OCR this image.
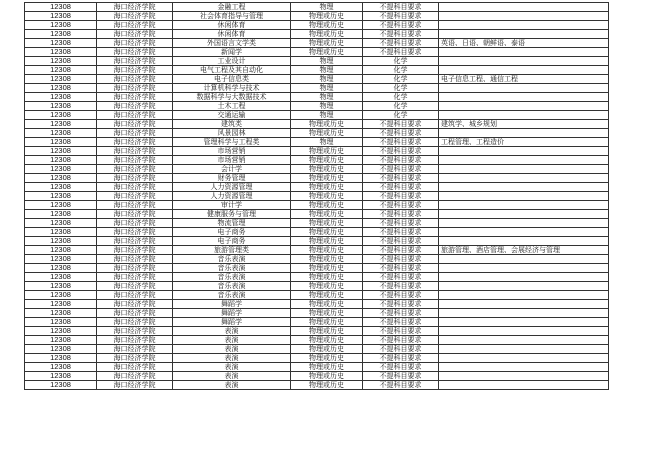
12308	海口经济学院	金融工程	物理	不提科目要求	
12308	海口经济学院	社会体育指导与管理	物理或历史	不提科目要求	
12308	海口经济学院	休闲体育	物理或历史	不提科目要求	
12308	海口经济学院	休闲体育	物理或历史	不提科目要求	
12308	海口经济学院	外国语言文学类	物理或历史	不提科目要求	英语、日语、朝鲜语、泰语
12308	海口经济学院	新闻学	物理或历史	不提科目要求	
12308	海口经济学院	工业设计	物理	化学	
12308	海口经济学院	电气工程及其自动化	物理	化学	
12308	海口经济学院	电子信息类	物理	化学	电子信息工程、通信工程
12308	海口经济学院	计算机科学与技术	物理	化学	
12308	海口经济学院	数据科学与大数据技术	物理	化学	
12308	海口经济学院	土木工程	物理	化学	
12308	海口经济学院	交通运输	物理	化学	
12308	海口经济学院	建筑类	物理或历史	不提科目要求	建筑学、城乡规划
12308	海口经济学院	风景园林	物理或历史	不提科目要求	
12308	海口经济学院	管理科学与工程类	物理	不提科目要求	工程管理、工程造价
12308	海口经济学院	市场营销	物理或历史	不提科目要求	
12308	海口经济学院	市场营销	物理或历史	不提科目要求	
12308	海口经济学院	会计学	物理或历史	不提科目要求	
12308	海口经济学院	财务管理	物理或历史	不提科目要求	
12308	海口经济学院	人力资源管理	物理或历史	不提科目要求	
12308	海口经济学院	人力资源管理	物理或历史	不提科目要求	
12308	海口经济学院	审计学	物理或历史	不提科目要求	
12308	海口经济学院	健康服务与管理	物理或历史	不提科目要求	
12308	海口经济学院	物流管理	物理或历史	不提科目要求	
12308	海口经济学院	电子商务	物理或历史	不提科目要求	
12308	海口经济学院	电子商务	物理或历史	不提科目要求	
12308	海口经济学院	旅游管理类	物理或历史	不提科目要求	旅游管理、酒店管理、会展经济与管理
12308	海口经济学院	音乐表演	物理或历史	不提科目要求	
12308	海口经济学院	音乐表演	物理或历史	不提科目要求	
12308	海口经济学院	音乐表演	物理或历史	不提科目要求	
12308	海口经济学院	音乐表演	物理或历史	不提科目要求	
12308	海口经济学院	音乐表演	物理或历史	不提科目要求	
12308	海口经济学院	舞蹈学	物理或历史	不提科目要求	
12308	海口经济学院	舞蹈学	物理或历史	不提科目要求	
12308	海口经济学院	舞蹈学	物理或历史	不提科目要求	
12308	海口经济学院	表演	物理或历史	不提科目要求	
12308	海口经济学院	表演	物理或历史	不提科目要求	
12308	海口经济学院	表演	物理或历史	不提科目要求	
12308	海口经济学院	表演	物理或历史	不提科目要求	
12308	海口经济学院	表演	物理或历史	不提科目要求	
12308	海口经济学院	表演	物理或历史	不提科目要求	
12308	海口经济学院	表演	物理或历史	不提科目要求	
